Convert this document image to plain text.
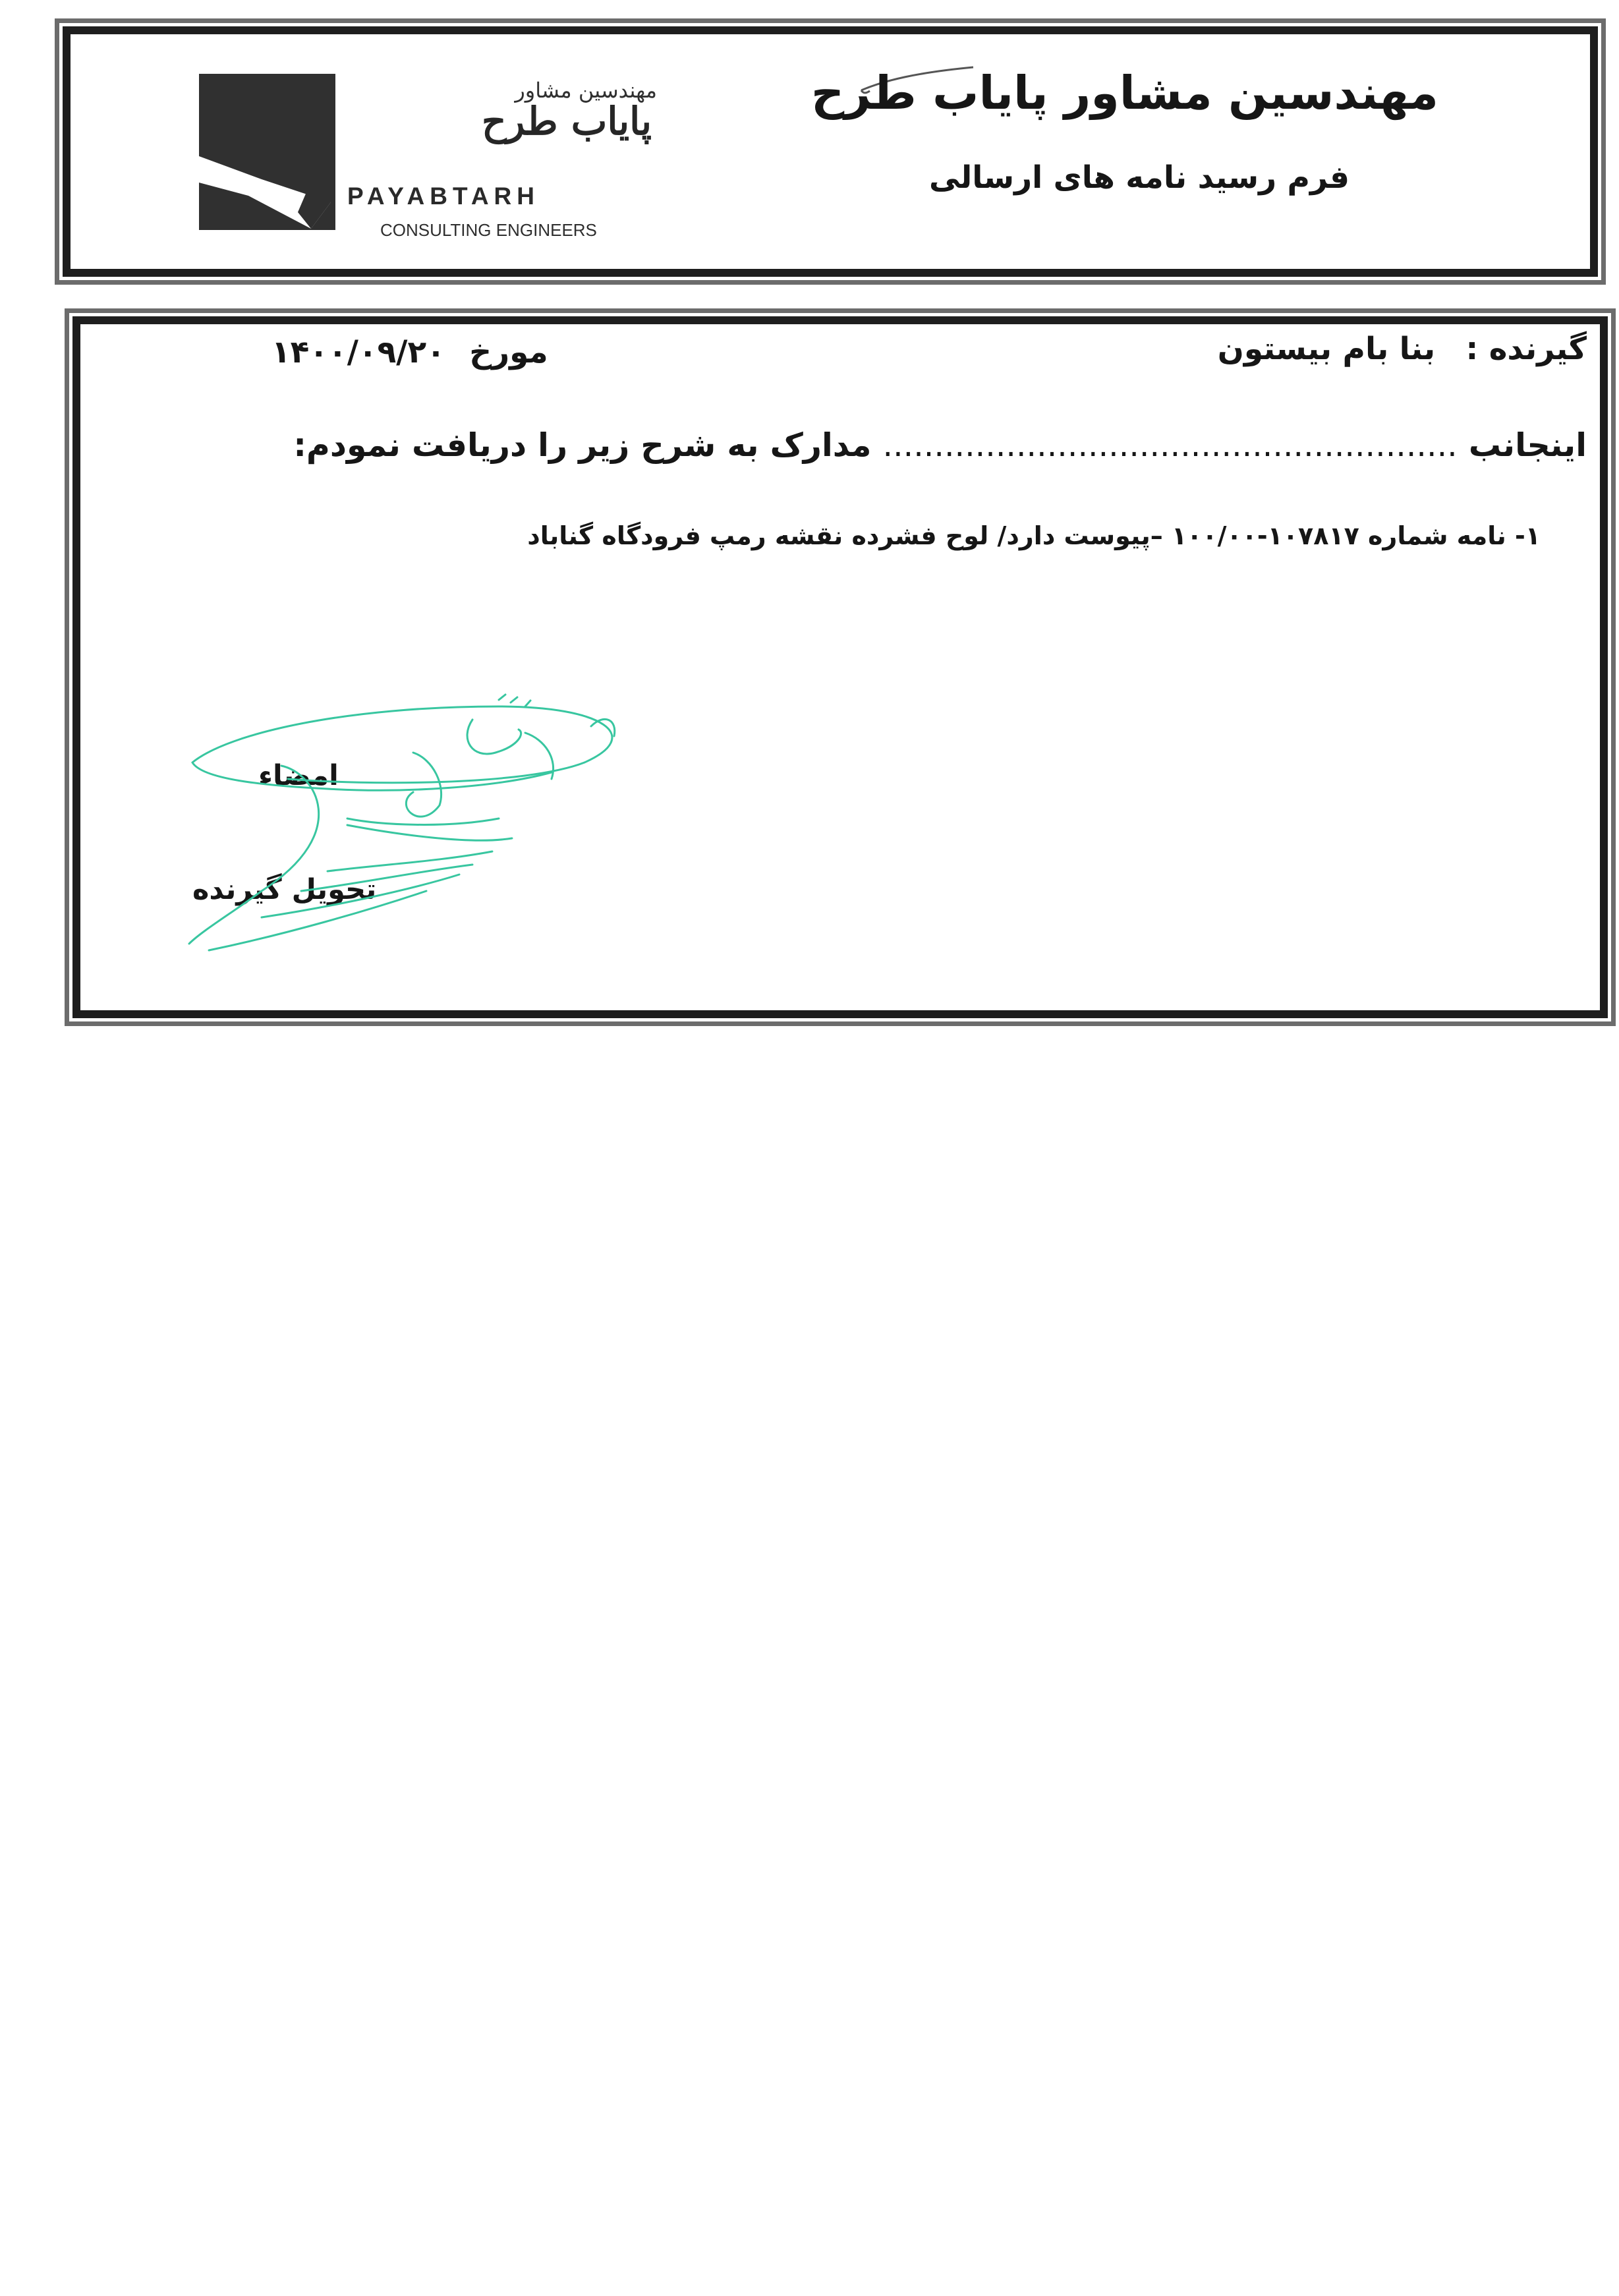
مهندسین مشاور
پایاب طرح
PAYABTARH
CONSULTING ENGINEERS
مهندسین مشاور پایاب طرح
فرم رسید نامه های ارسالی
گیرنده : بنا بام بیستون
مورخ ۱۴۰۰/۰۹/۲۰
اینجانب ........................................................ مدارک به شرح زیر را دریافت نمودم:
۱- نامه شماره ۱۰۷۸۱۷-۱۰۰/۰۰ –پیوست دارد/ لوح فشرده نقشه رمپ فرودگاه گناباد
امضاء
تحویل گیرنده
